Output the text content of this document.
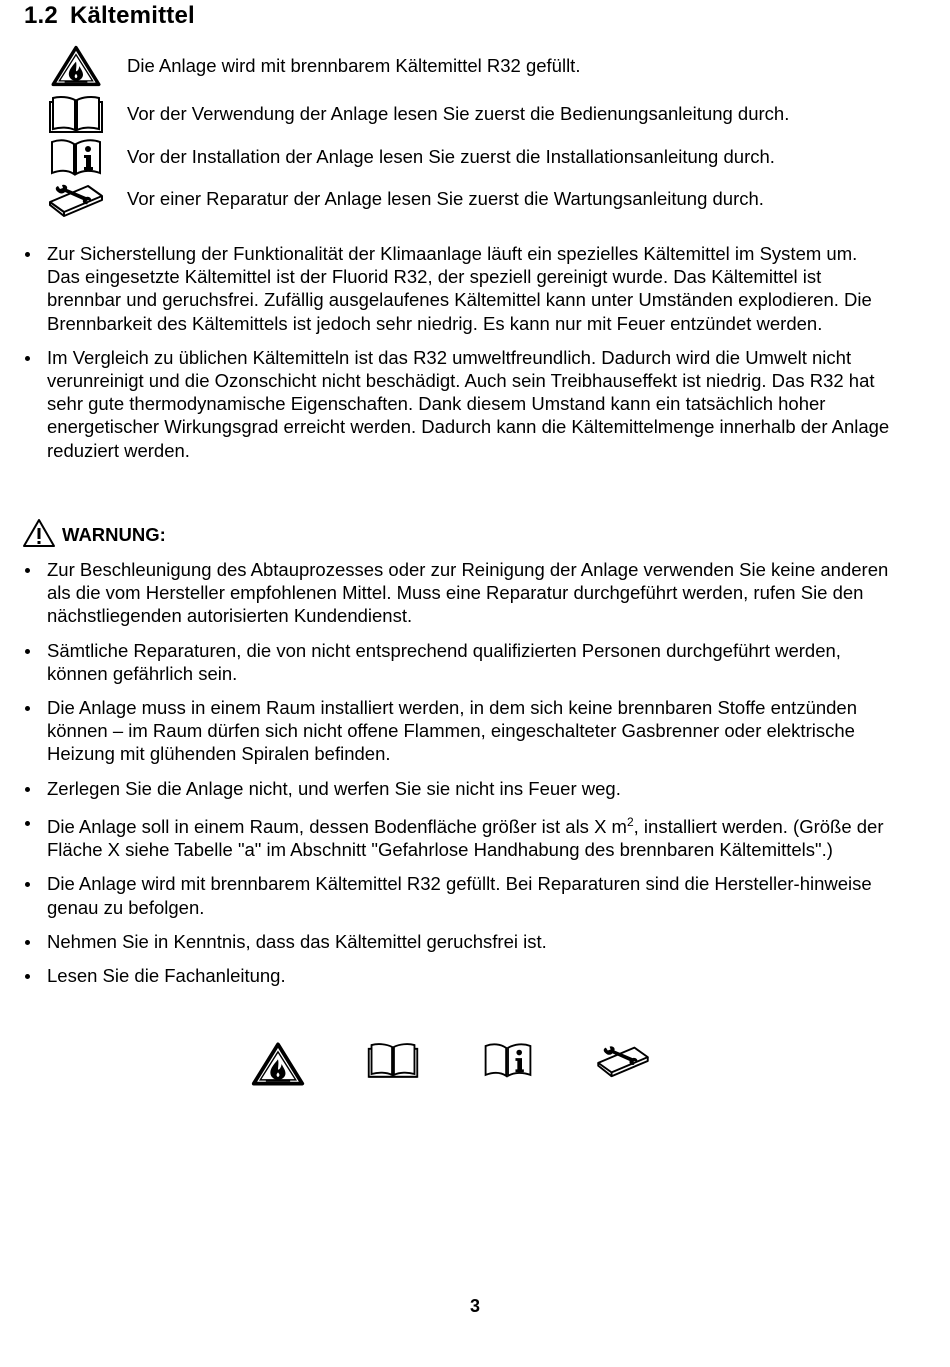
1.2 Kältemittel
Die Anlage wird mit brennbarem Kältemittel R32 gefüllt.
Vor der Verwendung der Anlage lesen Sie zuerst die Bedienungsanleitung durch.
Vor der Installation der Anlage lesen Sie zuerst die Installationsanleitung durch.
Vor einer Reparatur der Anlage lesen Sie zuerst die Wartungsanleitung durch.
Zur Sicherstellung der Funktionalität der Klimaanlage läuft ein spezielles Kältemittel im System um. Das eingesetzte Kältemittel ist der Fluorid R32, der speziell gereinigt wurde. Das Kältemittel ist brennbar und geruchsfrei. Zufällig ausgelaufenes Kältemittel kann unter Umständen explodieren. Die Brennbarkeit des Kältemittels ist jedoch sehr niedrig. Es kann nur mit Feuer entzündet werden.
Im Vergleich zu üblichen Kältemitteln ist das R32 umweltfreundlich. Dadurch wird die Umwelt nicht verunreinigt und die Ozonschicht nicht beschädigt. Auch sein Treibhauseffekt ist niedrig. Das R32 hat sehr gute thermodynamische Eigenschaften. Dank diesem Umstand kann ein tatsächlich hoher energetischer Wirkungsgrad erreicht werden. Dadurch kann die Kältemittelmenge innerhalb der Anlage reduziert werden.
WARNUNG:
Zur Beschleunigung des Abtauprozesses oder zur Reinigung der Anlage verwenden Sie keine anderen als die vom Hersteller empfohlenen Mittel. Muss eine Reparatur durchgeführt werden, rufen Sie den nächstliegenden autorisierten Kundendienst.
Sämtliche Reparaturen, die von nicht entsprechend qualifizierten Personen durchgeführt werden, können gefährlich sein.
Die Anlage muss in einem Raum installiert werden, in dem sich keine brennbaren Stoffe entzünden können – im Raum dürfen sich nicht offene Flammen, eingeschalteter Gasbrenner oder elektrische Heizung mit glühenden Spiralen befinden.
Zerlegen Sie die Anlage nicht, und werfen Sie sie nicht ins Feuer weg.
Die Anlage soll in einem Raum, dessen Bodenfläche größer ist als X $m^2$, installiert werden. (Größe der Fläche X siehe Tabelle "a" im Abschnitt "Gefahrlose Handhabung des brennbaren Kältemittels".)
Die Anlage wird mit brennbarem Kältemittel R32 gefüllt. Bei Reparaturen sind die Hersteller-hinweise genau zu befolgen.
Nehmen Sie in Kenntnis, dass das Kältemittel geruchsfrei ist.
Lesen Sie die Fachanleitung.
3
